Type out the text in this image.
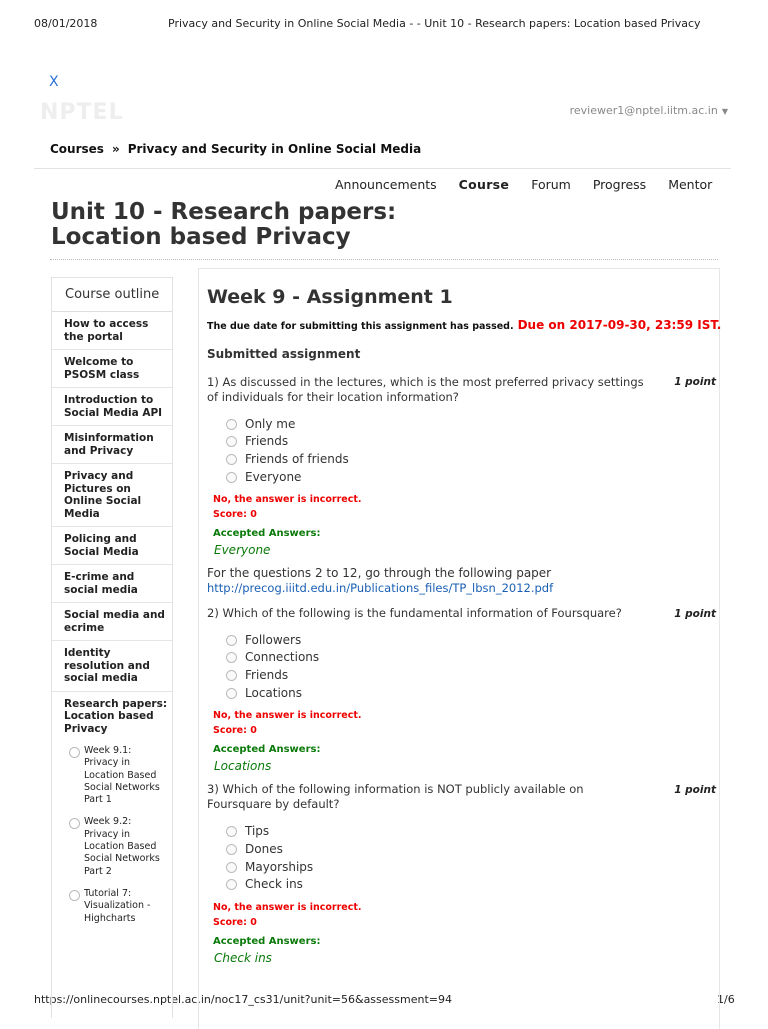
08/01/2018	Privacy and Security in Online Social Media - - Unit 10 - Research papers: Location based Privacy
https://onlinecourses.nptel.ac.in/noc17_cs31/unit?unit=56&assessment=94	1/6
X
NPTEL	reviewer1@nptel.iitm.ac.in ▼
Courses » Privacy and Security in Online Social Media
Announcements	Course	Forum	Progress	Mentor
Unit 10 - Research papers: Location based Privacy
Course outline
How to access the portal
Welcome to PSOSM class
Introduction to Social Media API
Misinformation and Privacy
Privacy and Pictures on Online Social Media
Policing and Social Media
E-crime and social media
Social media and ecrime
Identity resolution and social media
Research papers: Location based Privacy
Week 9.1: Privacy in Location Based Social Networks Part 1
Week 9.2: Privacy in Location Based Social Networks Part 2
Tutorial 7: Visualization - Highcharts
Week 9 - Assignment 1
The due date for submitting this assignment has passed. Due on 2017-09-30, 23:59 IST.
Submitted assignment
1) As discussed in the lectures, which is the most preferred privacy settings of individuals for their location information?
1 point
Only me
Friends
Friends of friends
Everyone
No, the answer is incorrect.
Score: 0
Accepted Answers:
Everyone
For the questions 2 to 12, go through the following paper
http://precog.iiitd.edu.in/Publications_files/TP_lbsn_2012.pdf
2) Which of the following is the fundamental information of Foursquare?	1 point
Followers
Connections
Friends
Locations
No, the answer is incorrect.
Score: 0
Accepted Answers:
Locations
3) Which of the following information is NOT publicly available on Foursquare by default?
1 point
Tips
Dones
Mayorships
Check ins
No, the answer is incorrect.
Score: 0
Accepted Answers:
Check ins
